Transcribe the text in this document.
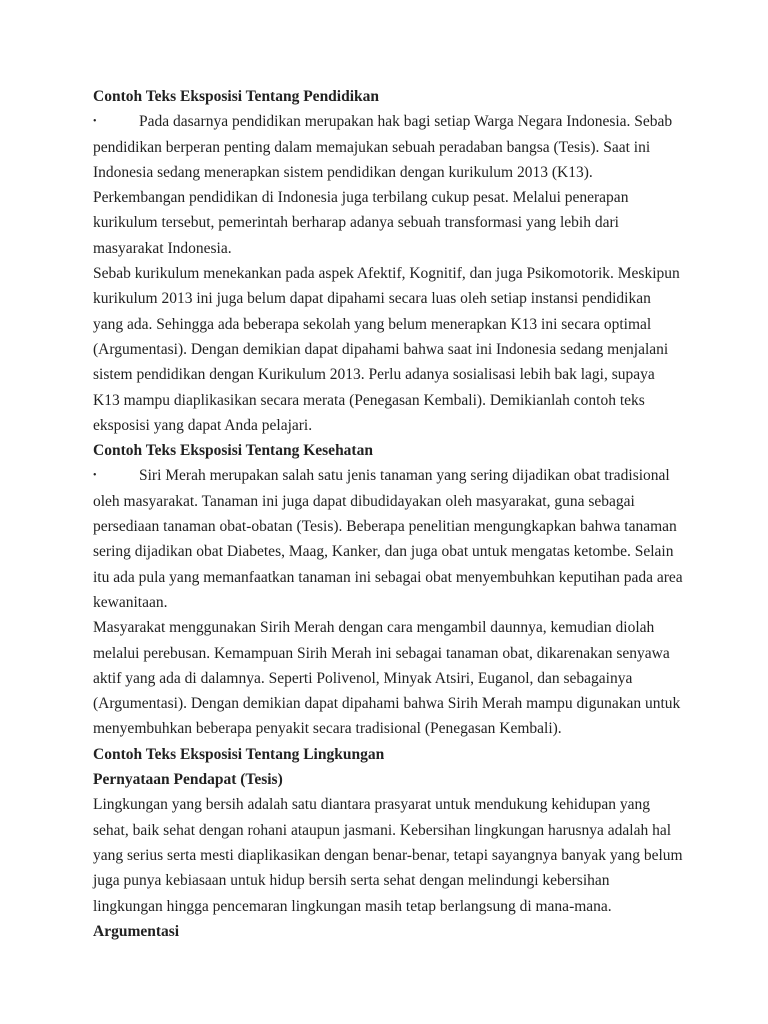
Contoh Teks Eksposisi Tentang Pendidikan

•	Pada dasarnya pendidikan merupakan hak bagi setiap Warga Negara Indonesia. Sebab pendidikan berperan penting dalam memajukan sebuah peradaban bangsa (Tesis). Saat ini Indonesia sedang menerapkan sistem pendidikan dengan kurikulum 2013 (K13). Perkembangan pendidikan di Indonesia juga terbilang cukup pesat. Melalui penerapan kurikulum tersebut, pemerintah berharap adanya sebuah transformasi yang lebih dari masyarakat Indonesia.

Sebab kurikulum menekankan pada aspek Afektif, Kognitif, dan juga Psikomotorik. Meskipun kurikulum 2013 ini juga belum dapat dipahami secara luas oleh setiap instansi pendidikan yang ada. Sehingga ada beberapa sekolah yang belum menerapkan K13 ini secara optimal (Argumentasi). Dengan demikian dapat dipahami bahwa saat ini Indonesia sedang menjalani sistem pendidikan dengan Kurikulum 2013. Perlu adanya sosialisasi lebih bak lagi, supaya K13 mampu diaplikasikan secara merata (Penegasan Kembali). Demikianlah contoh teks eksposisi yang dapat Anda pelajari.

Contoh Teks Eksposisi Tentang Kesehatan

•	Siri Merah merupakan salah satu jenis tanaman yang sering dijadikan obat tradisional oleh masyarakat. Tanaman ini juga dapat dibudidayakan oleh masyarakat, guna sebagai persediaan tanaman obat-obatan (Tesis). Beberapa penelitian mengungkapkan bahwa tanaman sering dijadikan obat Diabetes, Maag, Kanker, dan juga obat untuk mengatas ketombe. Selain itu ada pula yang memanfaatkan tanaman ini sebagai obat menyembuhkan keputihan pada area kewanitaan.

Masyarakat menggunakan Sirih Merah dengan cara mengambil daunnya, kemudian diolah melalui perebusan. Kemampuan Sirih Merah ini sebagai tanaman obat, dikarenakan senyawa aktif yang ada di dalamnya. Seperti Polivenol, Minyak Atsiri, Euganol, dan sebagainya (Argumentasi). Dengan demikian dapat dipahami bahwa Sirih Merah mampu digunakan untuk menyembuhkan beberapa penyakit secara tradisional (Penegasan Kembali).

Contoh Teks Eksposisi Tentang Lingkungan

Pernyataan Pendapat (Tesis)

Lingkungan yang bersih adalah satu diantara prasyarat untuk mendukung kehidupan yang sehat, baik sehat dengan rohani ataupun jasmani. Kebersihan lingkungan harusnya adalah hal yang serius serta mesti diaplikasikan dengan benar-benar, tetapi sayangnya banyak yang belum juga punya kebiasaan untuk hidup bersih serta sehat dengan melindungi kebersihan lingkungan hingga pencemaran lingkungan masih tetap berlangsung di mana-mana.

Argumentasi
